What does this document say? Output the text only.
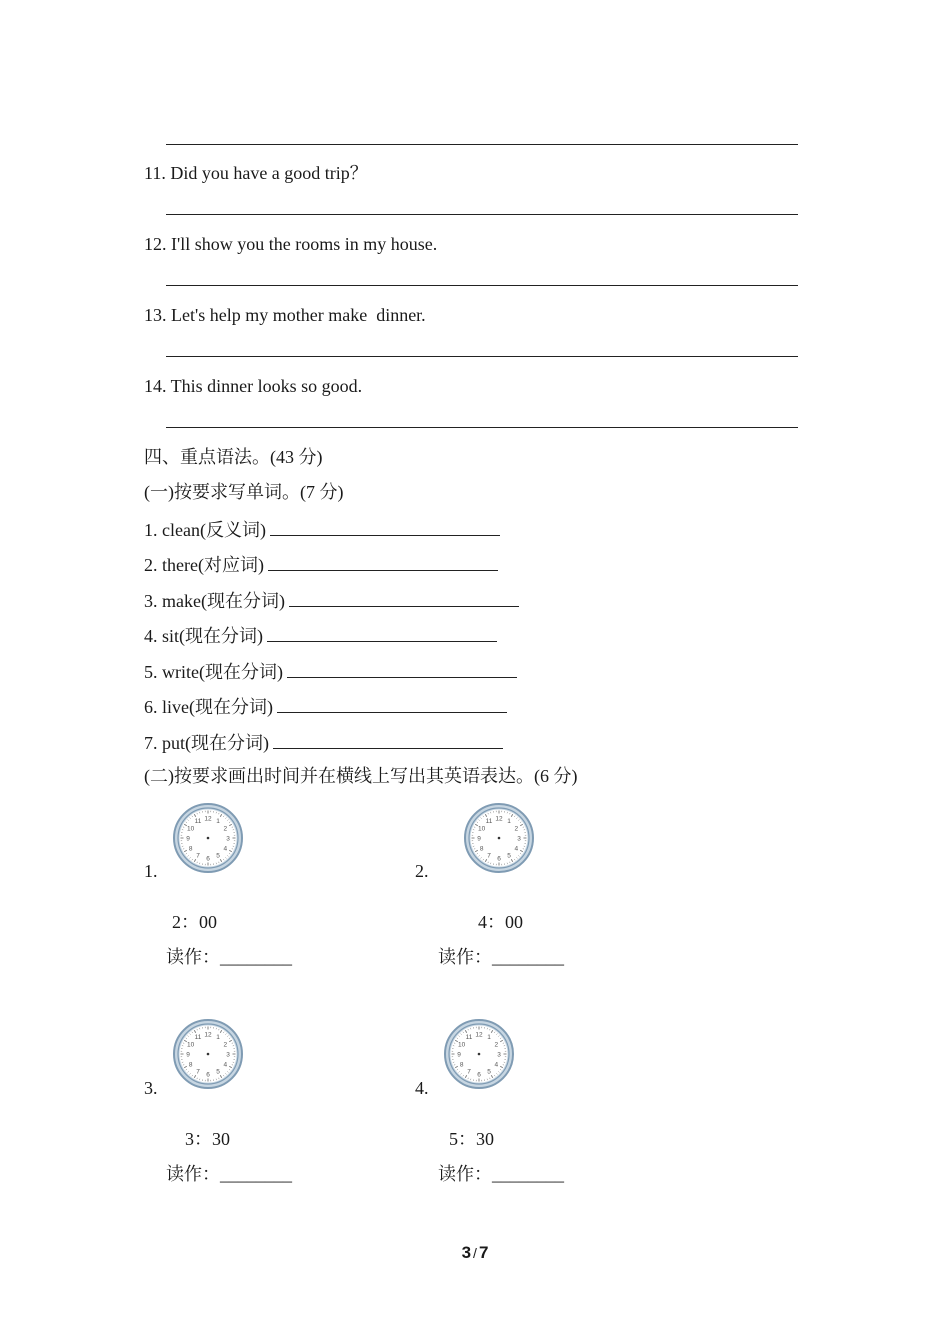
11. Did you have a good trip？
12. I'll show you the rooms in my house.
13. Let's help my mother make  dinner.
14. This dinner looks so good.
四、重点语法。(43 分)
(一)按要求写单词。(7 分)
1. clean(反义词)
2. there(对应词)
3. make(现在分词)
4. sit(现在分词)
5. write(现在分词)
6. live(现在分词)
7. put(现在分词)
(二)按要求画出时间并在横线上写出其英语表达。(6 分)
1.
12 1
2
3
4
5
6
7
8
9
10
11
2：00
读作：________
2.
12 1
2
3
4
5
6
7
8
9
10
11
4：00
读作：________
3.
12 1
2
3
4
5
6
7
8
9
10
11
3：30
读作：________
4.
12 1
2
3
4
5
6
7
8
9
10
11
5：30
读作：________
3 / 7
